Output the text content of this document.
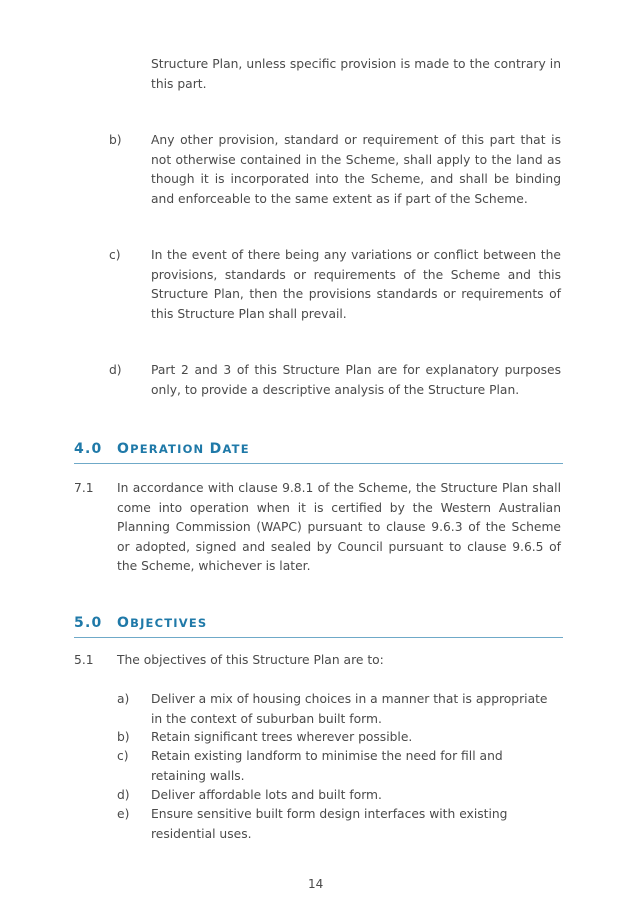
Structure Plan, unless specific provision is made to the contrary in this part.
b) Any other provision, standard or requirement of this part that is not otherwise contained in the Scheme, shall apply to the land as though it is incorporated into the Scheme, and shall be binding and enforceable to the same extent as if part of the Scheme.
c) In the event of there being any variations or conflict between the provisions, standards or requirements of the Scheme and this Structure Plan, then the provisions standards or requirements of this Structure Plan shall prevail.
d) Part 2 and 3 of this Structure Plan are for explanatory purposes only, to provide a descriptive analysis of the Structure Plan.
4.0 OPERATION DATE
7.1 In accordance with clause 9.8.1 of the Scheme, the Structure Plan shall come into operation when it is certified by the Western Australian Planning Commission (WAPC) pursuant to clause 9.6.3 of the Scheme or adopted, signed and sealed by Council pursuant to clause 9.6.5 of the Scheme, whichever is later.
5.0 OBJECTIVES
5.1 The objectives of this Structure Plan are to:
a) Deliver a mix of housing choices in a manner that is appropriate in the context of suburban built form.
b) Retain significant trees wherever possible.
c) Retain existing landform to minimise the need for fill and retaining walls.
d) Deliver affordable lots and built form.
e) Ensure sensitive built form design interfaces with existing residential uses.
14
